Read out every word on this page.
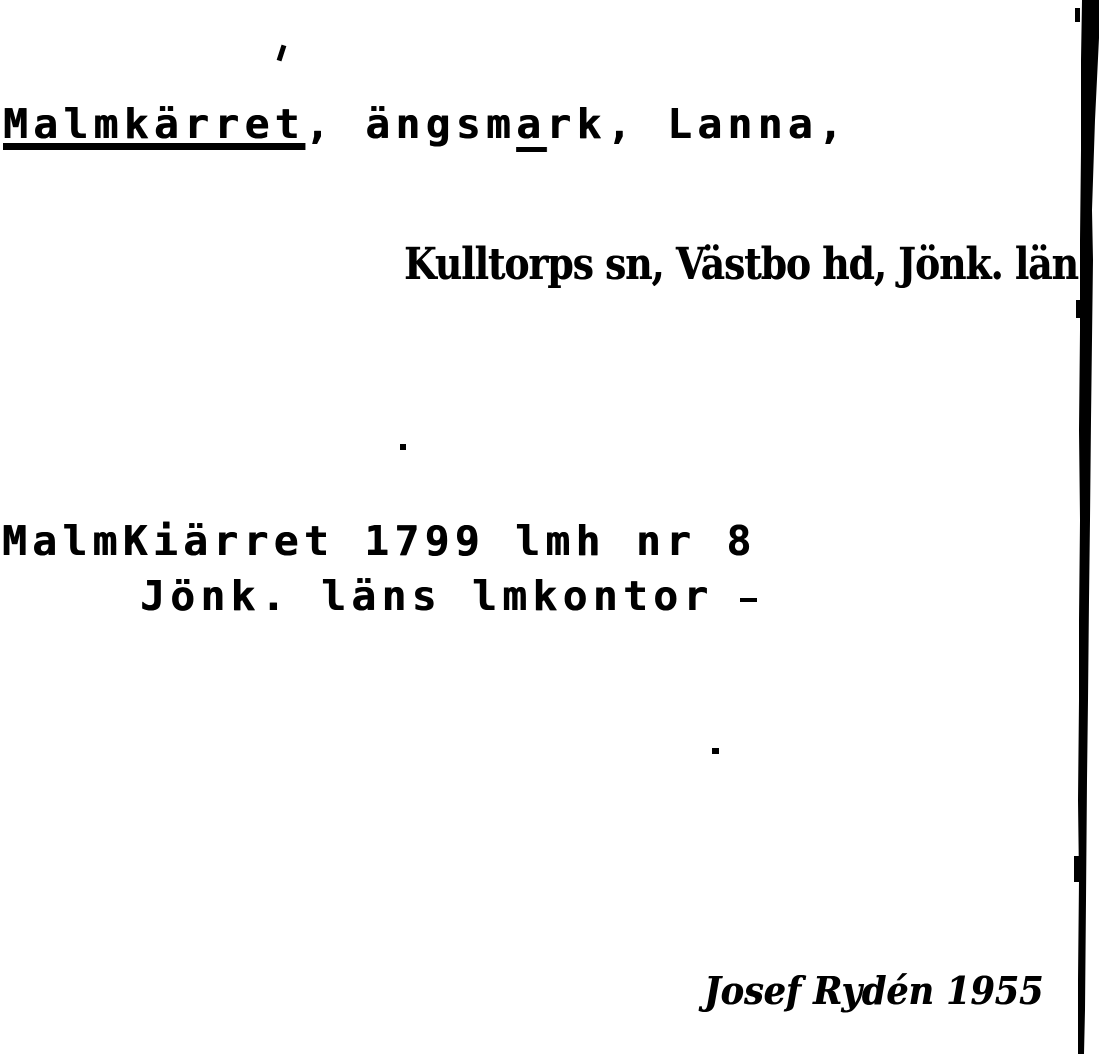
Malmkärret, ängsmark, Lanna,
Kulltorps sn, Västbo hd, Jönk. län
MalmKiärret 1799 lmh nr 8
Jönk. läns lmkontor
Josef Rydén 1955
